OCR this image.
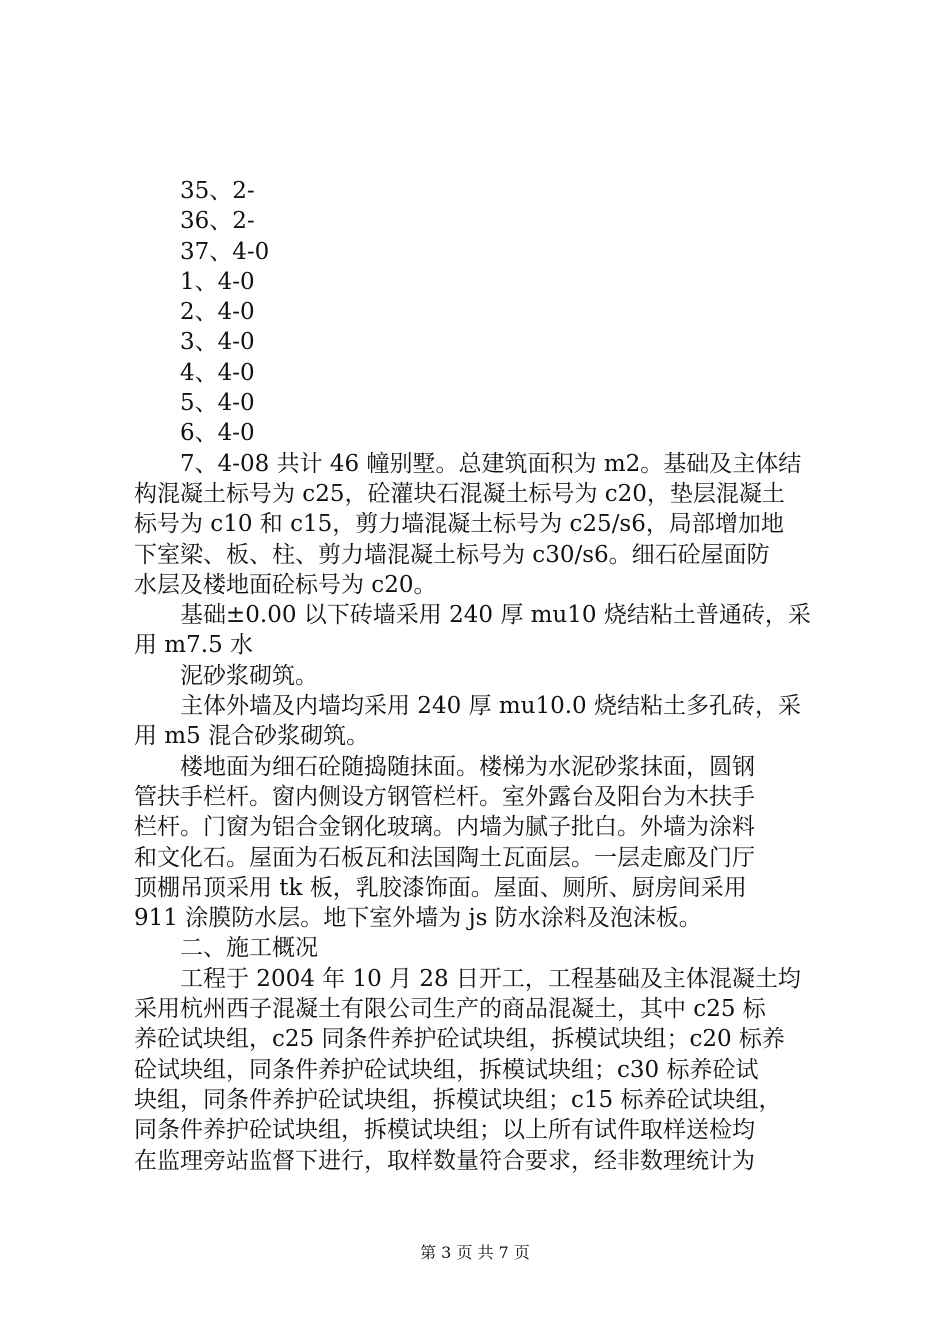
35、2-
36、2-
37、4-0
1、4-0
2、4-0
3、4-0
4、4-0
5、4-0
6、4-0
7、4-08 共计 46 幢别墅。总建筑面积为 m2。基础及主体结
构混凝土标号为 c25，砼灌块石混凝土标号为 c20，垫层混凝土
标号为 c10 和 c15，剪力墙混凝土标号为 c25/s6，局部增加地
下室梁、板、柱、剪力墙混凝土标号为 c30/s6。细石砼屋面防
水层及楼地面砼标号为 c20。
基础±0.00 以下砖墙采用 240 厚 mu10 烧结粘土普通砖，采
用 m7.5 水
泥砂浆砌筑。
主体外墙及内墙均采用 240 厚 mu10.0 烧结粘土多孔砖，采
用 m5 混合砂浆砌筑。
楼地面为细石砼随捣随抹面。楼梯为水泥砂浆抹面，圆钢
管扶手栏杆。窗内侧设方钢管栏杆。室外露台及阳台为木扶手
栏杆。门窗为铝合金钢化玻璃。内墙为腻子批白。外墙为涂料
和文化石。屋面为石板瓦和法国陶土瓦面层。一层走廊及门厅
顶棚吊顶采用 tk 板，乳胶漆饰面。屋面、厕所、厨房间采用
911 涂膜防水层。地下室外墙为 js 防水涂料及泡沫板。
二、施工概况
工程于 2004 年 10 月 28 日开工，工程基础及主体混凝土均
采用杭州西子混凝土有限公司生产的商品混凝土，其中 c25 标
养砼试块组，c25 同条件养护砼试块组，拆模试块组；c20 标养
砼试块组，同条件养护砼试块组，拆模试块组；c30 标养砼试
块组，同条件养护砼试块组，拆模试块组；c15 标养砼试块组，
同条件养护砼试块组，拆模试块组；以上所有试件取样送检均
在监理旁站监督下进行，取样数量符合要求，经非数理统计为
第 3 页 共 7 页
